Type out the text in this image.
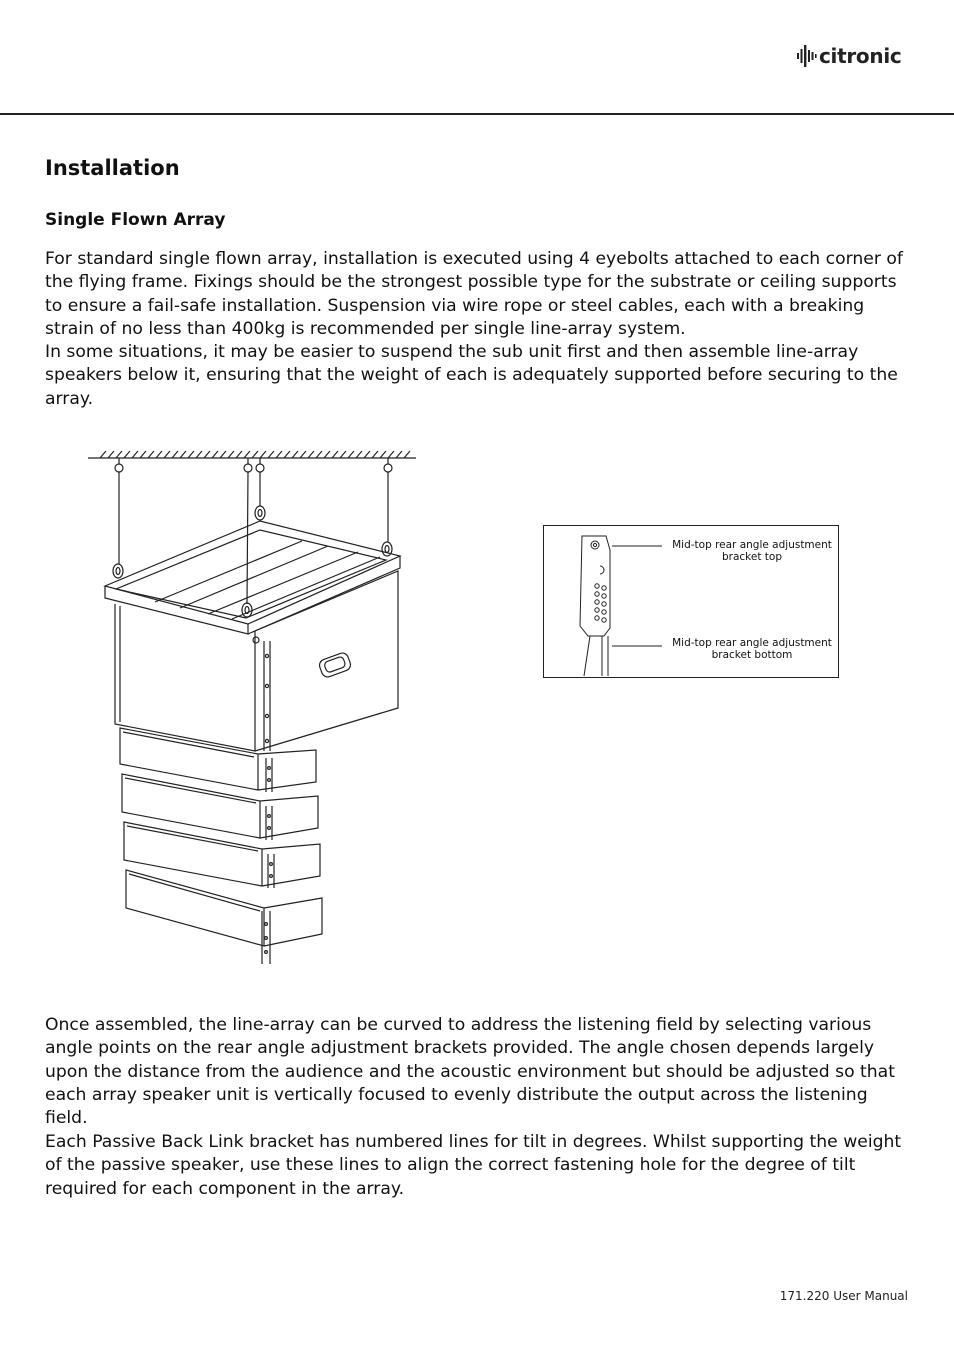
citronic
Installation
Single Flown Array

For standard single flown array, installation is executed using 4 eyebolts attached to each corner of the flying frame. Fixings should be the strongest possible type for the substrate or ceiling supports to ensure a fail-safe installation. Suspension via wire rope or steel cables, each with a breaking strain of no less than 400kg is recommended per single line-array system.

In some situations, it may be easier to suspend the sub unit first and then assemble line-array speakers below it, ensuring that the weight of each is adequately supported before securing to the array.

Mid-top rear angle adjustment bracket top
Mid-top rear angle adjustment bracket bottom

Once assembled, the line-array can be curved to address the listening field by selecting various angle points on the rear angle adjustment brackets provided. The angle chosen depends largely upon the distance from the audience and the acoustic environment but should be adjusted so that each array speaker unit is vertically focused to evenly distribute the output across the listening field.

Each Passive Back Link bracket has numbered lines for tilt in degrees. Whilst supporting the weight of the passive speaker, use these lines to align the correct fastening hole for the degree of tilt required for each component in the array.

171.220 User Manual
